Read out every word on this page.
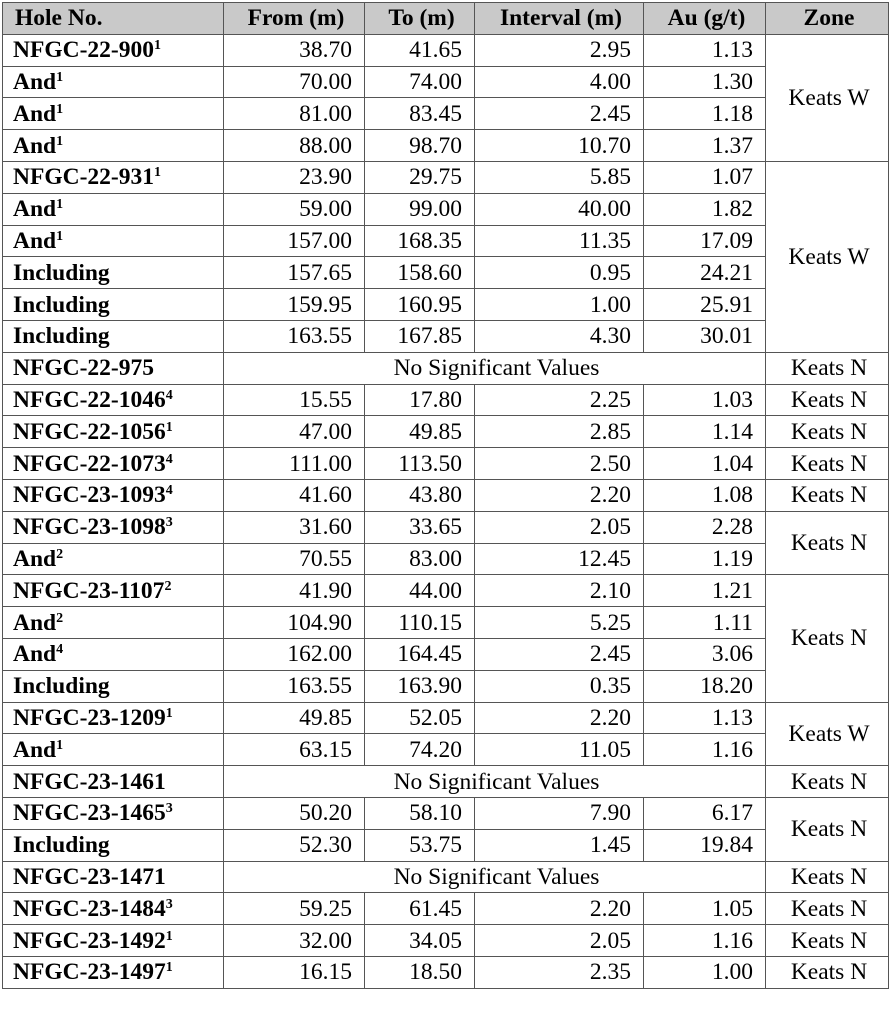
Hole No.	From (m)	To (m)	Interval (m)	Au (g/t)	Zone
NFGC-$22-900^1$	38.70	41.65	2.95	1.13	Keats W
And$^1$	70.00	74.00	4.00	1.30	
And$^1$	81.00	83.45	2.45	1.18	
And$^1$	88.00	98.70	10.70	1.37	
NFGC-$22-931^1$	23.90	29.75	5.85	1.07	Keats W
And$^1$	59.00	99.00	40.00	1.82	
And$^1$	157.00	168.35	11.35	17.09	
Including	157.65	158.60	0.95	24.21	
Including	159.95	160.95	1.00	25.91	
Including	163.55	167.85	4.30	30.01	
NFGC-22-975	No Significant Values				Keats N
NFGC-22-1046$^4$	15.55	17.80	2.25	1.03	Keats N
NFGC-22-1056$^1$	47.00	49.85	2.85	1.14	Keats N
NFGC-22-1073$^4$	111.00	113.50	2.50	1.04	Keats N
NFGC-23-1093$^4$	41.60	43.80	2.20	1.08	Keats N
NFGC-23-1098$^3$	31.60	33.65	2.05	2.28	Keats N
And$^2$	70.55	83.00	12.45	1.19	
NFGC-23-1107$^2$	41.90	44.00	2.10	1.21	Keats N
And$^2$	104.90	110.15	5.25	1.11	
And$^4$	162.00	164.45	2.45	3.06	
Including	163.55	163.90	0.35	18.20	
NFGC-23-1209$^1$	49.85	52.05	2.20	1.13	Keats W
And$^1$	63.15	74.20	11.05	1.16	
NFGC-23-1461	No Significant Values				Keats N
NFGC-23-1465$^3$	50.20	58.10	7.90	6.17	Keats N
Including	52.30	53.75	1.45	19.84	
NFGC-23-1471	No Significant Values				Keats N
NFGC-23-1484$^3$	59.25	61.45	2.20	1.05	Keats N
NFGC-23-1492$^1$	32.00	34.05	2.05	1.16	Keats N
NFGC-23-1497$^1$	16.15	18.50	2.35	1.00	Keats N
